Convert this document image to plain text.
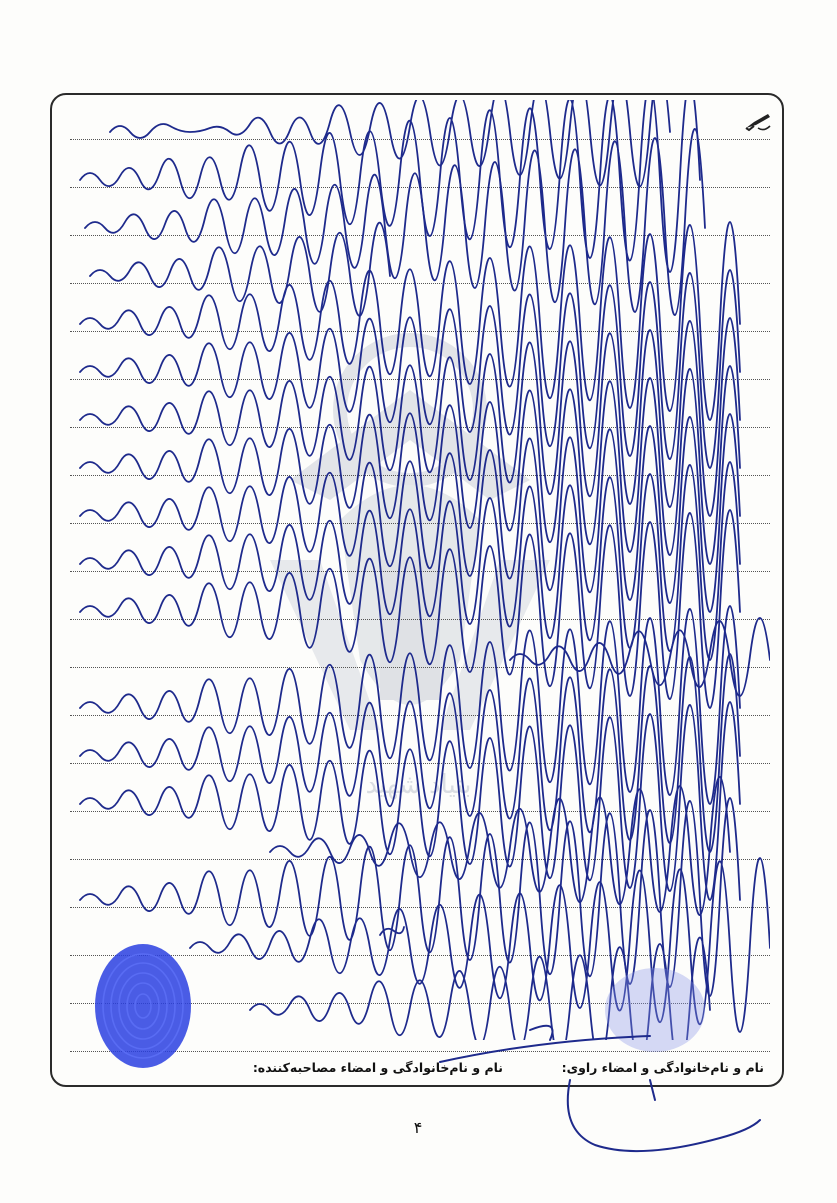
بنیاد شهید
نام و نام‌خانوادگی و امضاء راوی:
نام و نام‌خانوادگی و امضاء مصاحبه‌کننده:
۴
